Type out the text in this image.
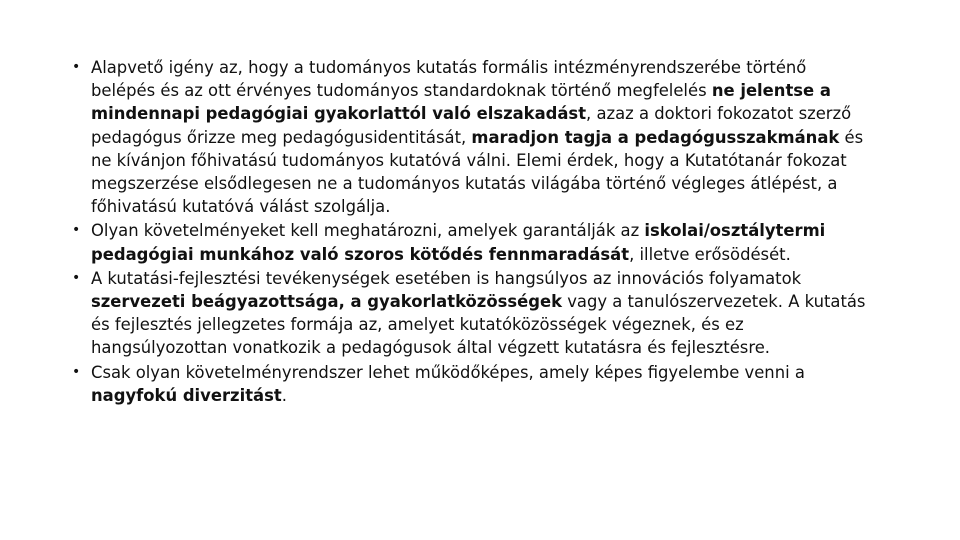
• Alapvető igény az, hogy a tudományos kutatás formális intézményrendszerébe történő belépés és az ott érvényes tudományos standardoknak történő megfelelés ne jelentse a mindennapi pedagógiai gyakorlattól való elszakadást, azaz a doktori fokozatot szerző pedagógus őrizze meg pedagógusidentitását, maradjon tagja a pedagógusszakmának és ne kívánjon főhivatású tudományos kutatóvá válni. Elemi érdek, hogy a Kutatótanár fokozat megszerzése elsődlegesen ne a tudományos kutatás világába történő végleges átlépést, a főhivatású kutatóvá válást szolgálja.
• Olyan követelményeket kell meghatározni, amelyek garantálják az iskolai/osztálytermi pedagógiai munkához való szoros kötődés fennmaradását, illetve erősödését.
• A kutatási-fejlesztési tevékenységek esetében is hangsúlyos az innovációs folyamatok szervezeti beágyazottsága, a gyakorlatközösségek vagy a tanulószervezetek. A kutatás és fejlesztés jellegzetes formája az, amelyet kutatóközösségek végeznek, és ez hangsúlyozottan vonatkozik a pedagógusok által végzett kutatásra és fejlesztésre.
• Csak olyan követelményrendszer lehet működőképes, amely képes figyelembe venni a nagyfokú diverzitást.
